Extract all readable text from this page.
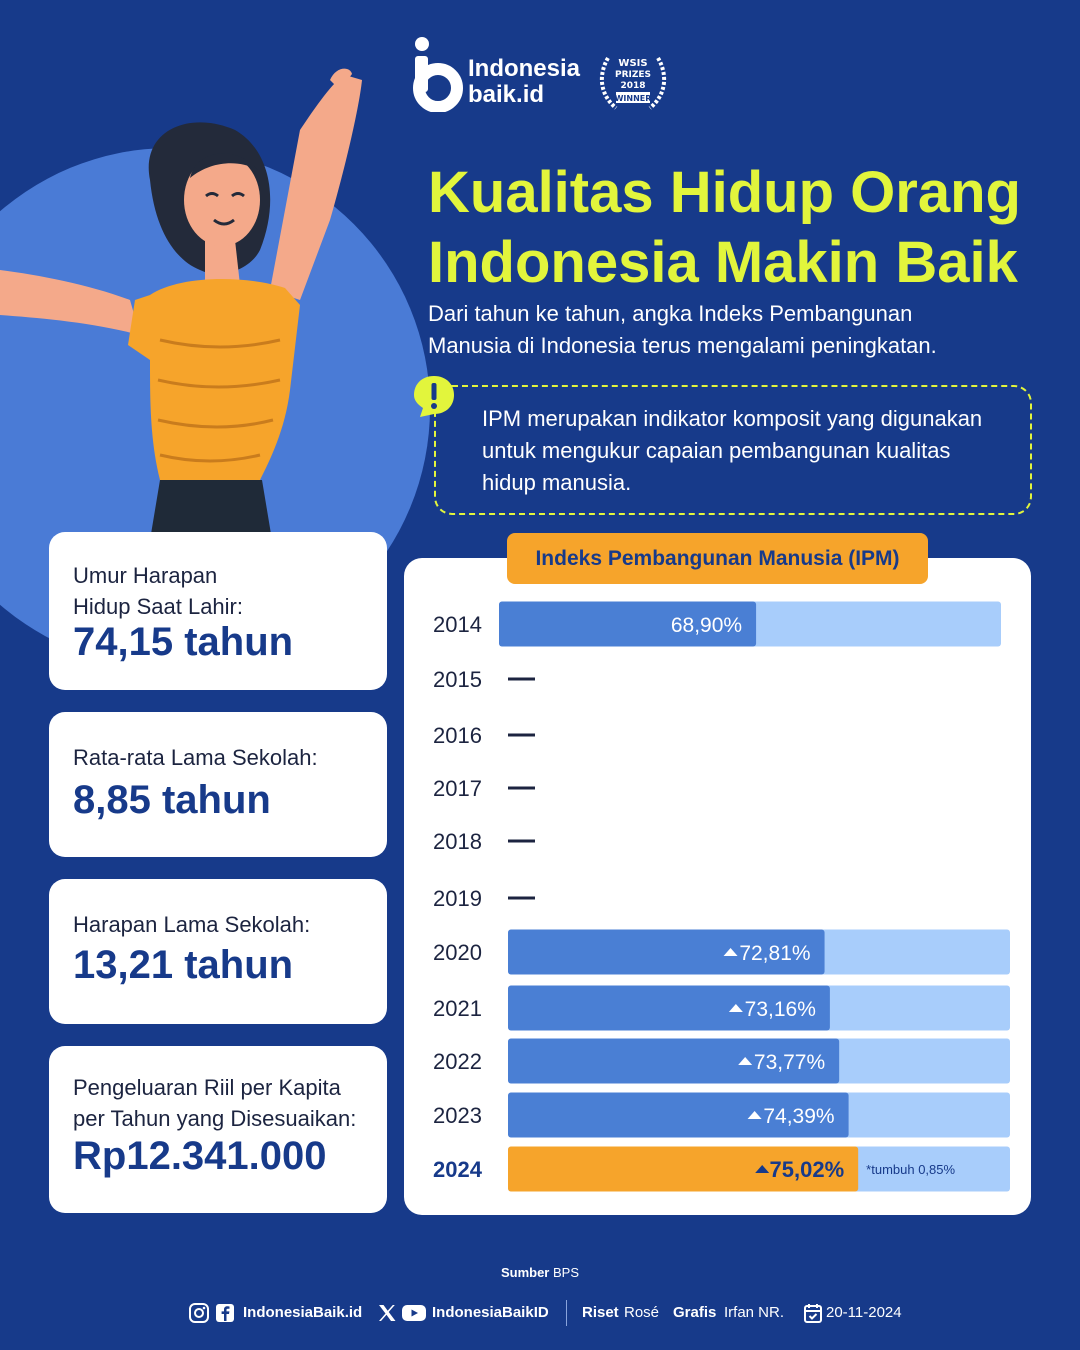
Indonesia
baik.id
WSIS
PRIZES
2018
WINNER
Kualitas Hidup Orang
Indonesia Makin Baik
Dari tahun ke tahun, angka Indeks Pembangunan
Manusia di Indonesia terus mengalami peningkatan.
IPM merupakan indikator komposit yang digunakan
untuk mengukur capaian pembangunan kualitas
hidup manusia.
Umur Harapan
Hidup Saat Lahir:
74,15 tahun
Rata-rata Lama Sekolah:
8,85 tahun
Harapan Lama Sekolah:
13,21 tahun
Pengeluaran Riil per Kapita
per Tahun yang Disesuaikan:
Rp12.341.000
2014	68,90%
2015
2016
2017
2018
2019
2020	72,81%
2021	73,16%
2022	73,77%
2023	74,39%
2024	75,02% *tumbuh 0,85%
Indeks Pembangunan Manusia (IPM)
Sumber BPS
IndonesiaBaik.id	IndonesiaBaikID Riset Rosé Grafis Irfan NR.	20-11-2024
